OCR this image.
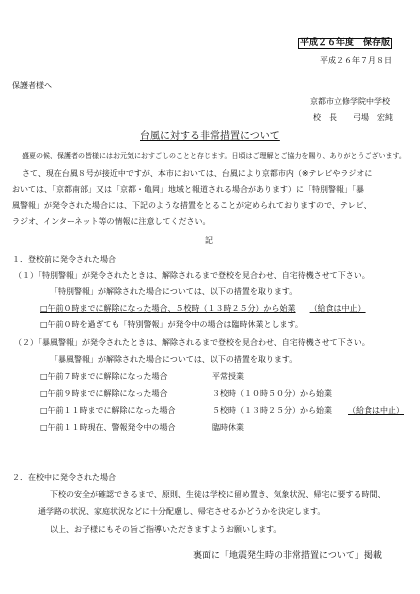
平成２６年度　保存版
平成２６年７月８日
保護者様へ
京都市立修学院中学校
校　長　　弓場　宏純
台風に対する非常措置について
盛夏の候、保護者の皆様にはお元気におすごしのことと存じます。日頃はご理解とご協力を賜り、ありがとうございます。
さて、現在台風８号が接近中ですが、本市においては、台風により京都市内（※テレビやラジオに
おいては、「京都南部」又は「京都・亀岡」地域と報道される場合があります）に「特別警報」「暴
風警報」が発令された場合には、下記のような措置をとることが定められておりますので、テレビ、
ラジオ、インターネット等の情報に注意してください。
記
１．登校前に発令された場合
（１）「特別警報」が発令されたときは、解除されるまで登校を見合わせ、自宅待機させて下さい。
「特別警報」が解除された場合については、以下の措置を取ります。
□午前０時までに解除になった場合、５校時（１３時２５分）から始業 （給食は中止）
□午前０時を過ぎても「特別警報」が発令中の場合は臨時休業とします。
（２）「暴風警報」が発令されたときは、解除されるまで登校を見合わせ、自宅待機させて下さい。
「暴風警報」が解除された場合については、以下の措置を取ります。
□午前７時までに解除になった場合	平常授業
□午前９時までに解除になった場合	３校時（１０時５０分）から始業
□午前１１時までに解除になった場合	５校時（１３時２５分）から始業 （給食は中止）
□午前１１時現在、警報発令中の場合	臨時休業
２．在校中に発令された場合
下校の安全が確認できるまで、原則、生徒は学校に留め置き、気象状況、帰宅に要する時間、
通学路の状況、家庭状況などに十分配慮し、帰宅させるかどうかを決定します。
以上、お子様にもその旨ご指導いただきますようお願いします。
裏面に「地震発生時の非常措置について」掲載
